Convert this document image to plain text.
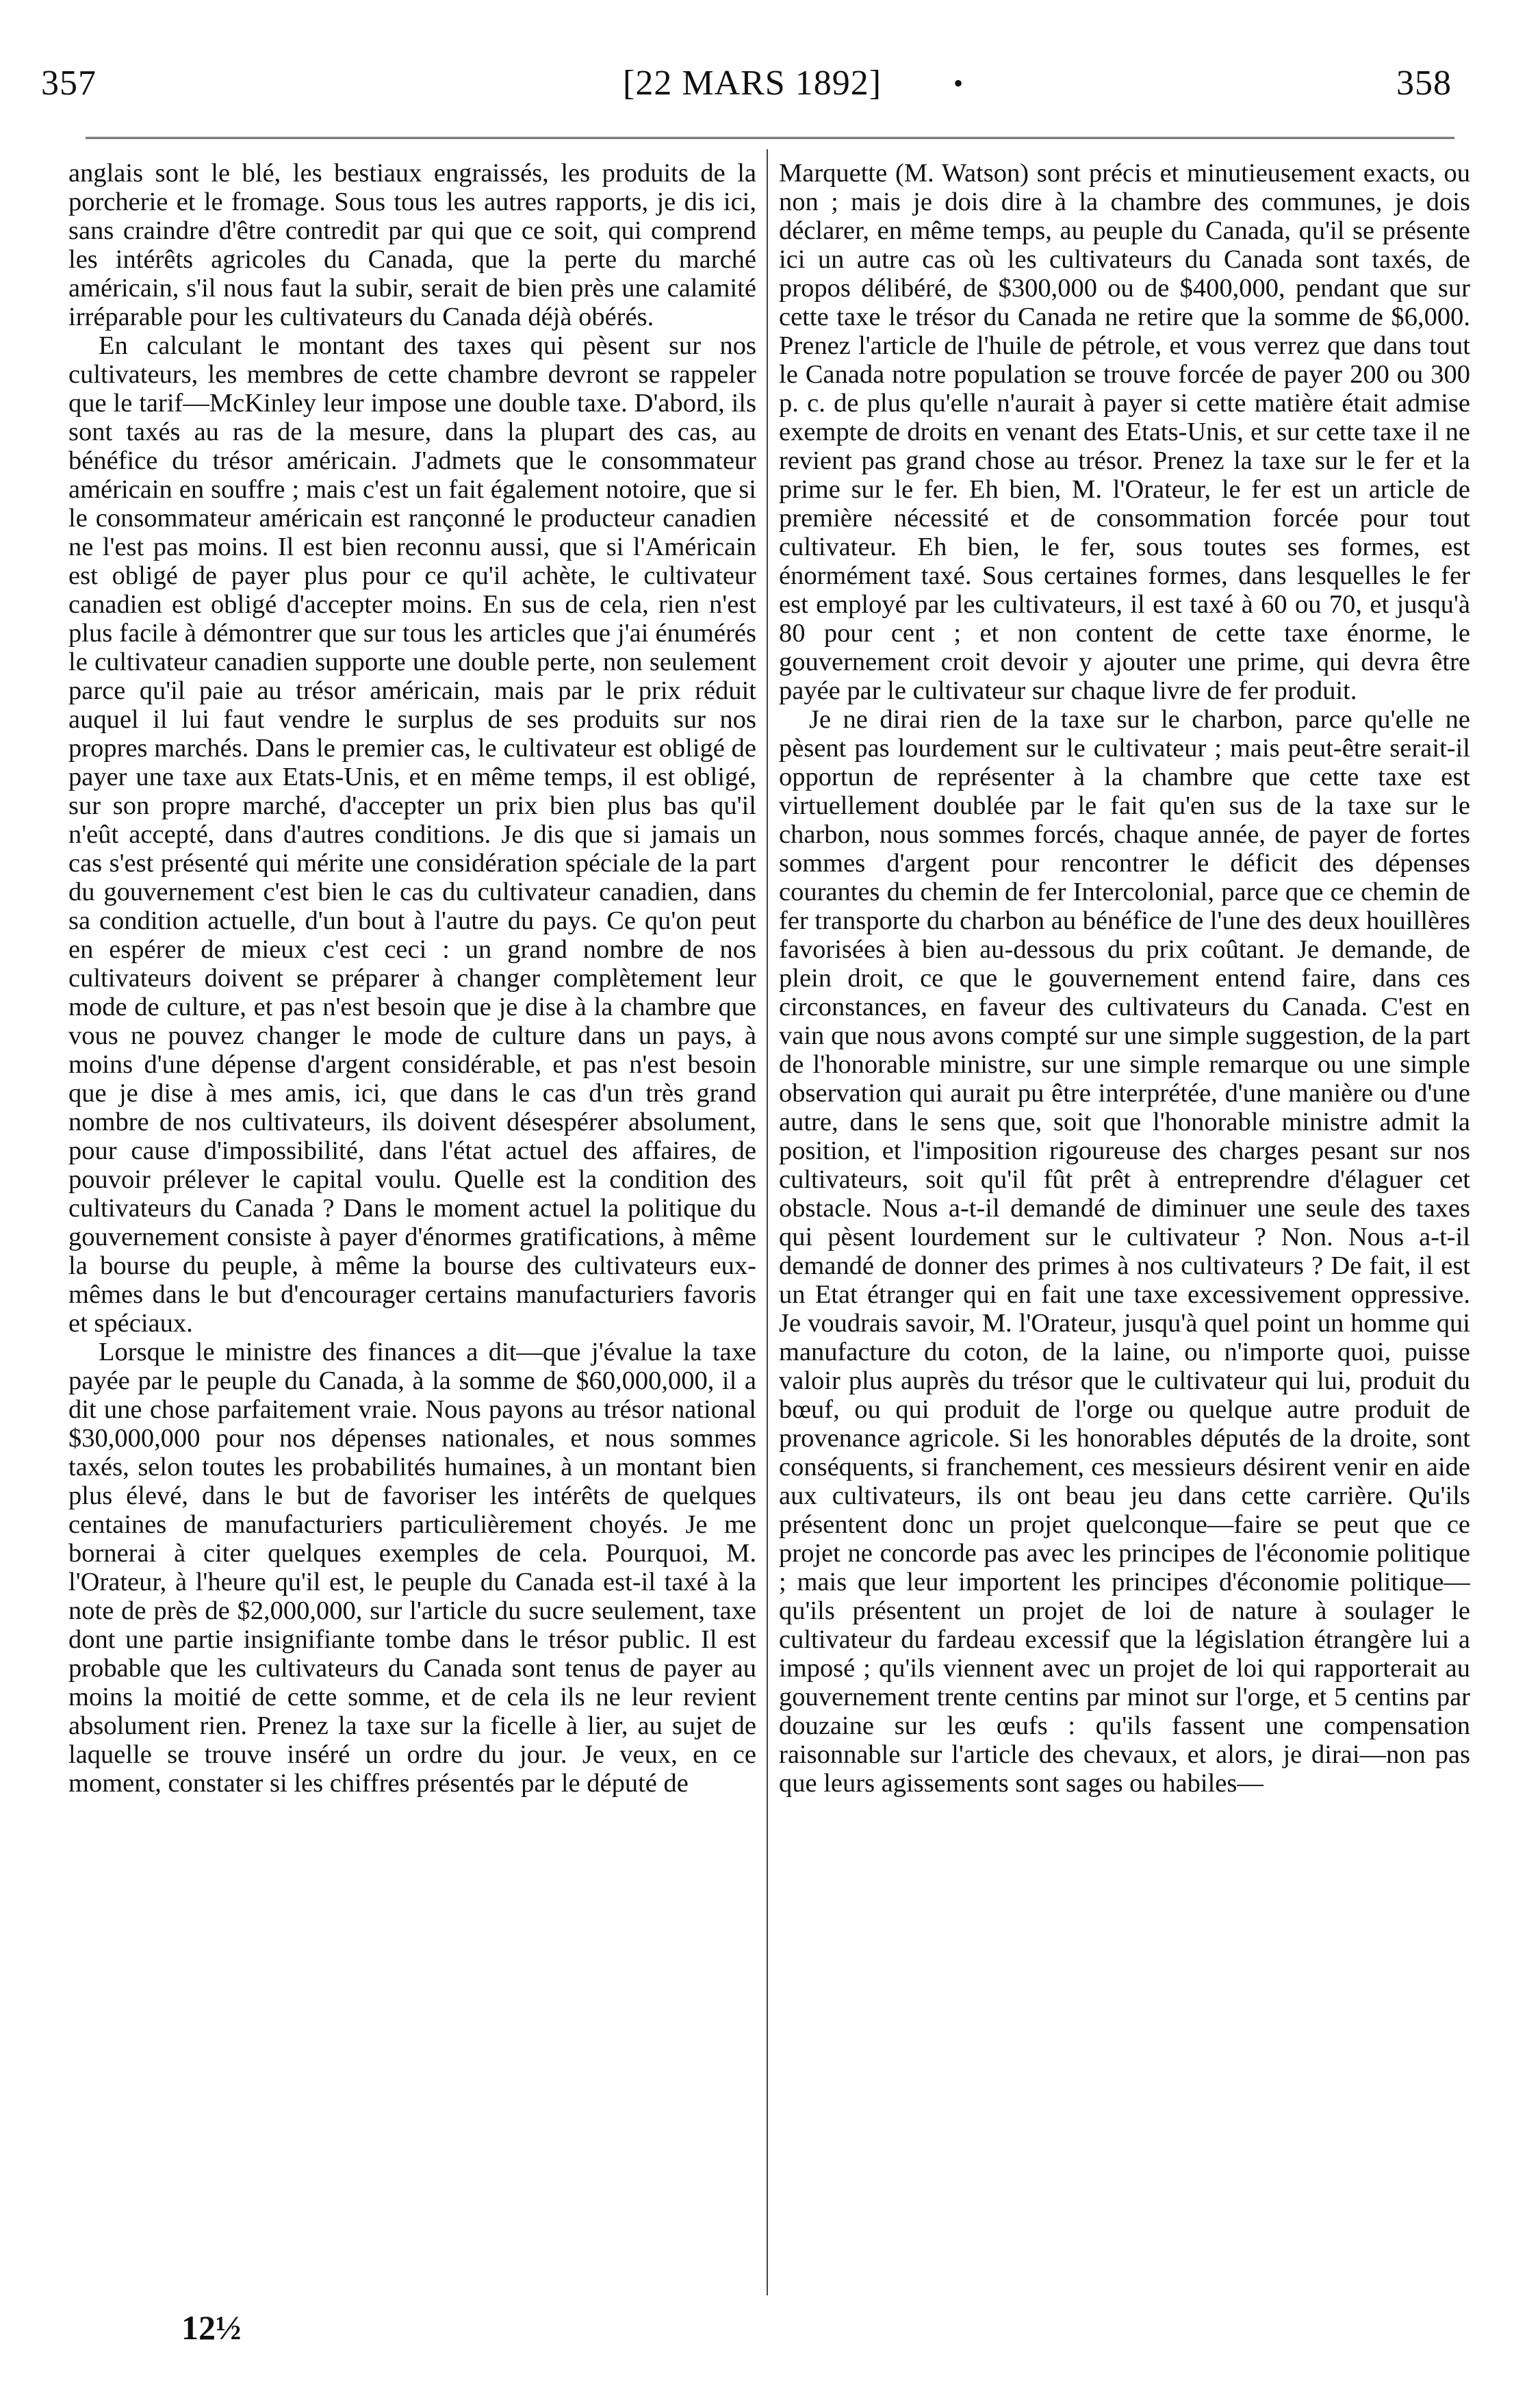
357	[22 MARS 1892]	•	358

anglais sont le blé, les bestiaux engraissés, les produits de la porcherie et le fromage. Sous tous les autres rapports, je dis ici, sans craindre d'être contredit par qui que ce soit, qui comprend les intérêts agricoles du Canada, que la perte du marché américain, s'il nous faut la subir, serait de bien près une calamité irréparable pour les cultivateurs du Canada déjà obérés.

En calculant le montant des taxes qui pèsent sur nos cultivateurs, les membres de cette chambre devront se rappeler que le tarif—McKinley leur impose une double taxe. D'abord, ils sont taxés au ras de la mesure, dans la plupart des cas, au bénéfice du trésor américain. J'admets que le consommateur américain en souffre ; mais c'est un fait également notoire, que si le consommateur américain est rançonné le producteur canadien ne l'est pas moins. Il est bien reconnu aussi, que si l'Américain est obligé de payer plus pour ce qu'il achète, le cultivateur canadien est obligé d'accepter moins. En sus de cela, rien n'est plus facile à démontrer que sur tous les articles que j'ai énumérés le cultivateur canadien supporte une double perte, non seulement parce qu'il paie au trésor américain, mais par le prix réduit auquel il lui faut vendre le surplus de ses produits sur nos propres marchés. Dans le premier cas, le cultivateur est obligé de payer une taxe aux Etats-Unis, et en même temps, il est obligé, sur son propre marché, d'accepter un prix bien plus bas qu'il n'eût accepté, dans d'autres conditions. Je dis que si jamais un cas s'est présenté qui mérite une considération spéciale de la part du gouvernement c'est bien le cas du cultivateur canadien, dans sa condition actuelle, d'un bout à l'autre du pays. Ce qu'on peut en espérer de mieux c'est ceci : un grand nombre de nos cultivateurs doivent se préparer à changer complètement leur mode de culture, et pas n'est besoin que je dise à la chambre que vous ne pouvez changer le mode de culture dans un pays, à moins d'une dépense d'argent considérable, et pas n'est besoin que je dise à mes amis, ici, que dans le cas d'un très grand nombre de nos cultivateurs, ils doivent désespérer absolument, pour cause d'impossibilité, dans l'état actuel des affaires, de pouvoir prélever le capital voulu. Quelle est la condition des cultivateurs du Canada ? Dans le moment actuel la politique du gouvernement consiste à payer d'énormes gratifications, à même la bourse du peuple, à même la bourse des cultivateurs eux-mêmes dans le but d'encourager certains manufacturiers favoris et spéciaux.

Lorsque le ministre des finances a dit—que j'évalue la taxe payée par le peuple du Canada, à la somme de $60,000,000, il a dit une chose parfaitement vraie. Nous payons au trésor national $30,000,000 pour nos dépenses nationales, et nous sommes taxés, selon toutes les probabilités humaines, à un montant bien plus élevé, dans le but de favoriser les intérêts de quelques centaines de manufacturiers particulièrement choyés. Je me bornerai à citer quelques exemples de cela. Pourquoi, M. l'Orateur, à l'heure qu'il est, le peuple du Canada est-il taxé à la note de près de $2,000,000, sur l'article du sucre seulement, taxe dont une partie insignifiante tombe dans le trésor public. Il est probable que les cultivateurs du Canada sont tenus de payer au moins la moitié de cette somme, et de cela ils ne leur revient absolument rien. Prenez la taxe sur la ficelle à lier, au sujet de laquelle se trouve inséré un ordre du jour. Je veux, en ce moment, constater si les chiffres présentés par le député de

Marquette (M. Watson) sont précis et minutieusement exacts, ou non ; mais je dois dire à la chambre des communes, je dois déclarer, en même temps, au peuple du Canada, qu'il se présente ici un autre cas où les cultivateurs du Canada sont taxés, de propos délibéré, de $300,000 ou de $400,000, pendant que sur cette taxe le trésor du Canada ne retire que la somme de $6,000. Prenez l'article de l'huile de pétrole, et vous verrez que dans tout le Canada notre population se trouve forcée de payer 200 ou 300 p. c. de plus qu'elle n'aurait à payer si cette matière était admise exempte de droits en venant des Etats-Unis, et sur cette taxe il ne revient pas grand chose au trésor. Prenez la taxe sur le fer et la prime sur le fer. Eh bien, M. l'Orateur, le fer est un article de première nécessité et de consommation forcée pour tout cultivateur. Eh bien, le fer, sous toutes ses formes, est énormément taxé. Sous certaines formes, dans lesquelles le fer est employé par les cultivateurs, il est taxé à 60 ou 70, et jusqu'à 80 pour cent ; et non content de cette taxe énorme, le gouvernement croit devoir y ajouter une prime, qui devra être payée par le cultivateur sur chaque livre de fer produit.

Je ne dirai rien de la taxe sur le charbon, parce qu'elle ne pèsent pas lourdement sur le cultivateur ; mais peut-être serait-il opportun de représenter à la chambre que cette taxe est virtuellement doublée par le fait qu'en sus de la taxe sur le charbon, nous sommes forcés, chaque année, de payer de fortes sommes d'argent pour rencontrer le déficit des dépenses courantes du chemin de fer Intercolonial, parce que ce chemin de fer transporte du charbon au bénéfice de l'une des deux houillères favorisées à bien au-dessous du prix coûtant. Je demande, de plein droit, ce que le gouvernement entend faire, dans ces circonstances, en faveur des cultivateurs du Canada. C'est en vain que nous avons compté sur une simple suggestion, de la part de l'honorable ministre, sur une simple remarque ou une simple observation qui aurait pu être interprétée, d'une manière ou d'une autre, dans le sens que, soit que l'honorable ministre admit la position, et l'imposition rigoureuse des charges pesant sur nos cultivateurs, soit qu'il fût prêt à entreprendre d'élaguer cet obstacle. Nous a-t-il demandé de diminuer une seule des taxes qui pèsent lourdement sur le cultivateur ? Non. Nous a-t-il demandé de donner des primes à nos cultivateurs ? De fait, il est un Etat étranger qui en fait une taxe excessivement oppressive. Je voudrais savoir, M. l'Orateur, jusqu'à quel point un homme qui manufacture du coton, de la laine, ou n'importe quoi, puisse valoir plus auprès du trésor que le cultivateur qui lui, produit du bœuf, ou qui produit de l'orge ou quelque autre produit de provenance agricole. Si les honorables députés de la droite, sont conséquents, si franchement, ces messieurs désirent venir en aide aux cultivateurs, ils ont beau jeu dans cette carrière. Qu'ils présentent donc un projet quelconque—faire se peut que ce projet ne concorde pas avec les principes de l'économie politique ; mais que leur importent les principes d'économie politique—qu'ils présentent un projet de loi de nature à soulager le cultivateur du fardeau excessif que la législation étrangère lui a imposé ; qu'ils viennent avec un projet de loi qui rapporterait au gouvernement trente centins par minot sur l'orge, et 5 centins par douzaine sur les œufs : qu'ils fassent une compensation raisonnable sur l'article des chevaux, et alors, je dirai—non pas que leurs agissements sont sages ou habiles—

12½
